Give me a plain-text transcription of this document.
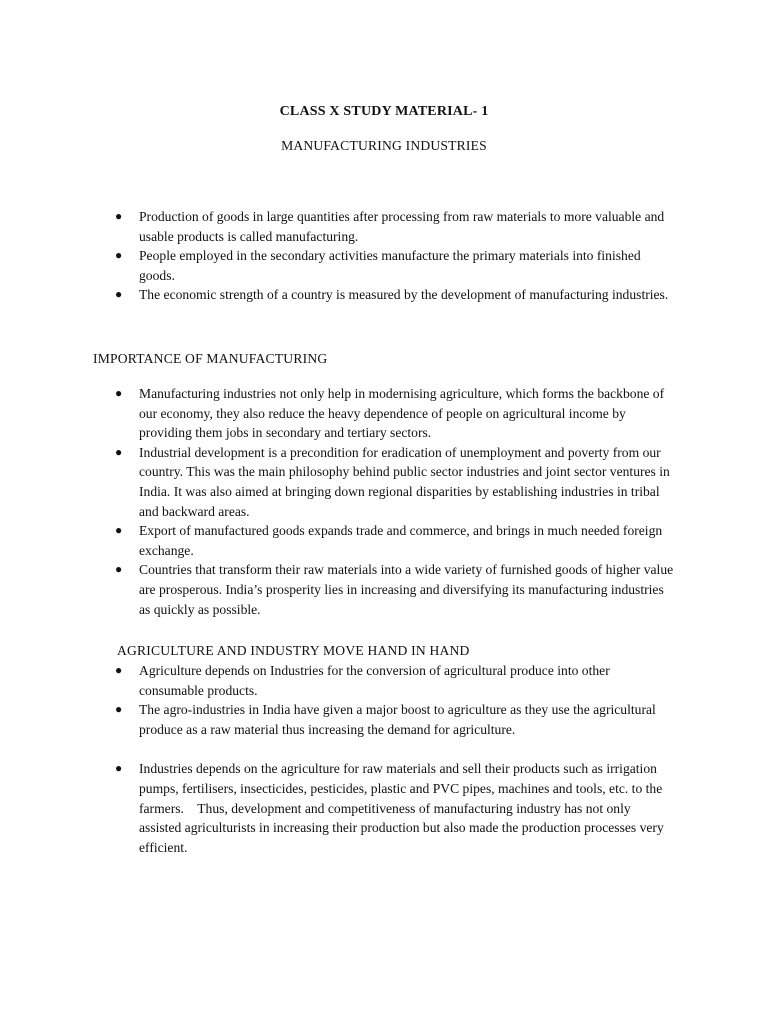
CLASS X STUDY MATERIAL- 1
MANUFACTURING INDUSTRIES
●	Production of goods in large quantities after processing from raw materials to more valuable and usable products is called manufacturing.
●	People employed in the secondary activities manufacture the primary materials into finished goods.
●	The economic strength of a country is measured by the development of manufacturing industries.
IMPORTANCE OF MANUFACTURING
●	Manufacturing industries not only help in modernising agriculture, which forms the backbone of our economy, they also reduce the heavy dependence of people on agricultural income by providing them jobs in secondary and tertiary sectors.
●	Industrial development is a precondition for eradication of unemployment and poverty from our country. This was the main philosophy behind public sector industries and joint sector ventures in India. It was also aimed at bringing down regional disparities by establishing industries in tribal and backward areas.
●	Export of manufactured goods expands trade and commerce, and brings in much needed foreign exchange.
●	Countries that transform their raw materials into a wide variety of furnished goods of higher value are prosperous. India’s prosperity lies in increasing and diversifying its manufacturing industries as quickly as possible.
AGRICULTURE AND INDUSTRY MOVE HAND IN HAND
●	Agriculture depends on Industries for the conversion of agricultural produce into other consumable products.
●	The agro-industries in India have given a major boost to agriculture as they use the agricultural produce as a raw material thus increasing the demand for agriculture.
●	Industries depends on the agriculture for raw materials and sell their products such as irrigation pumps, fertilisers, insecticides, pesticides, plastic and PVC pipes, machines and tools, etc. to the farmers.    Thus, development and competitiveness of manufacturing industry has not only assisted agriculturists in increasing their production but also made the production processes very efficient.
